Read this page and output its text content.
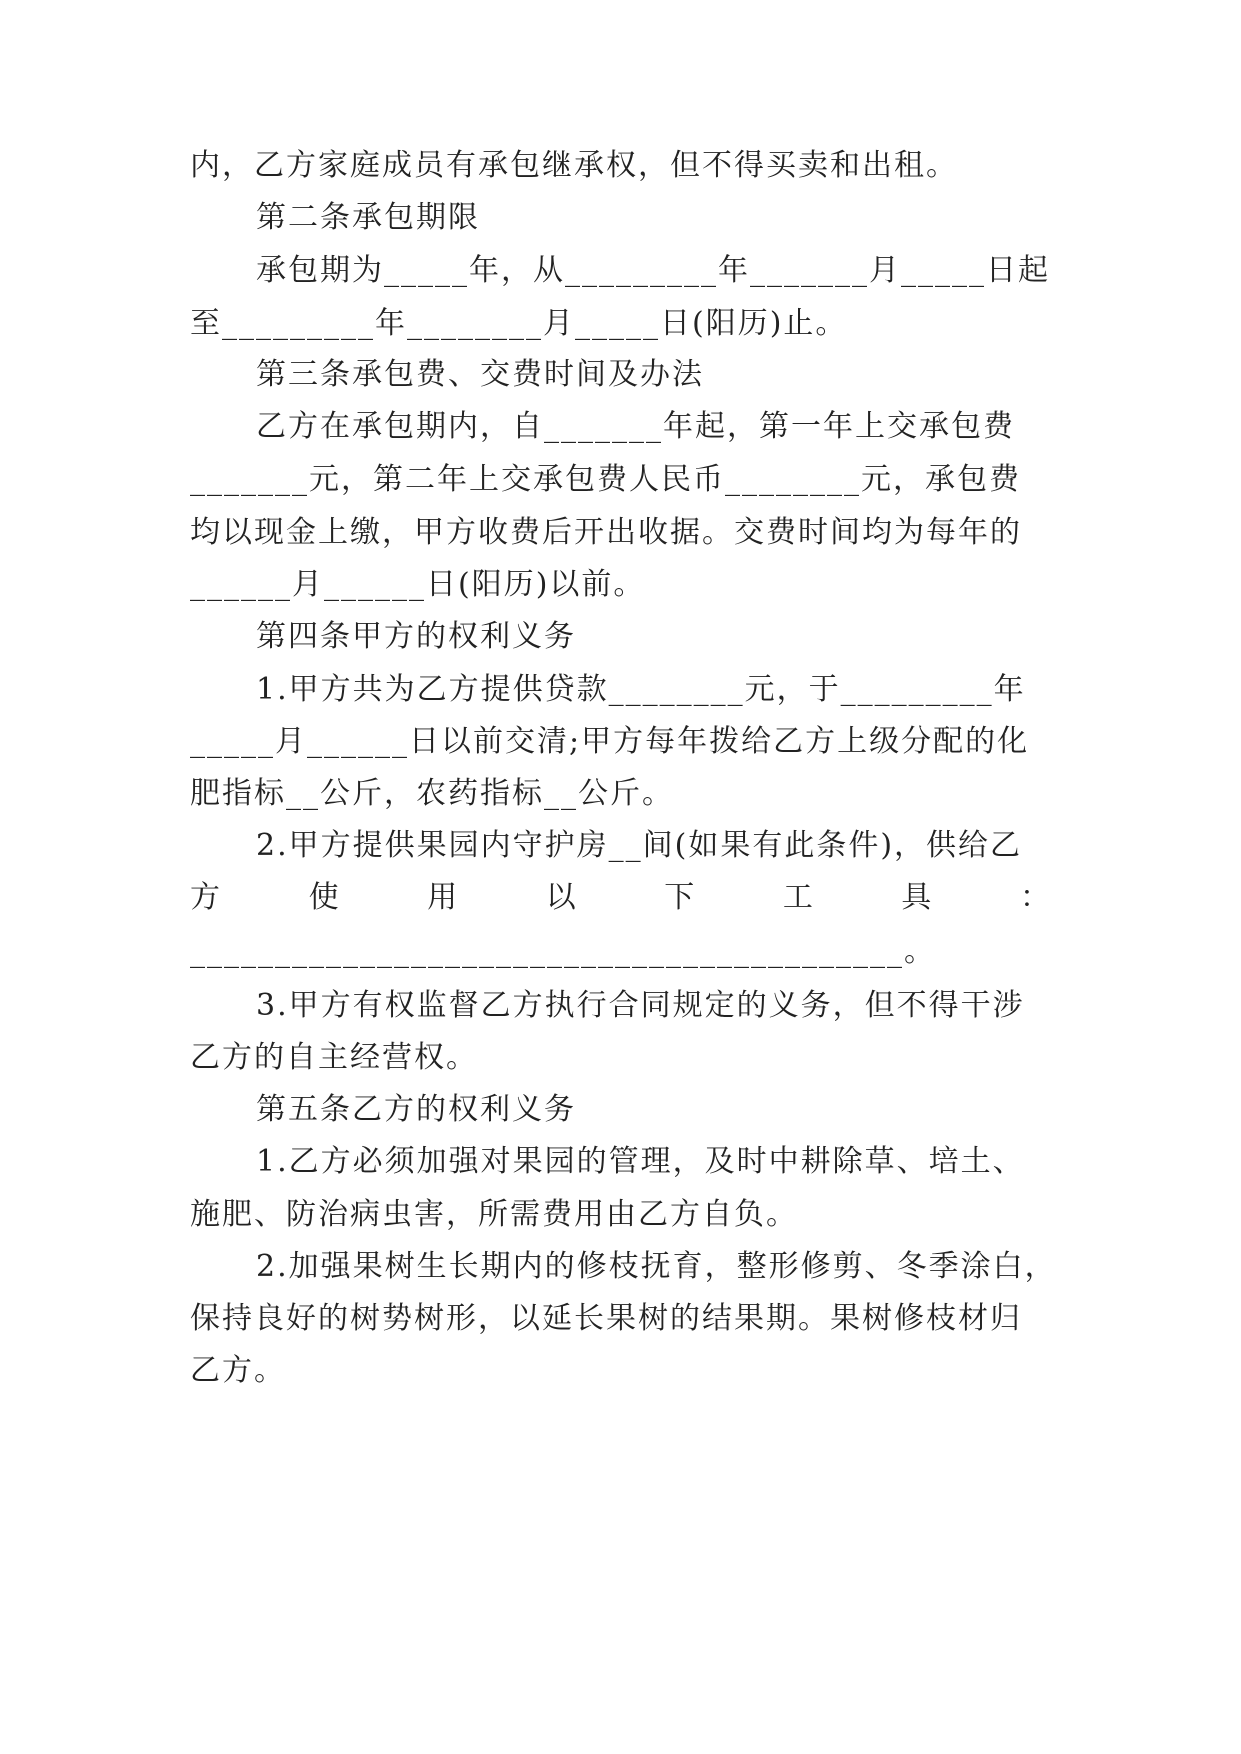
内，乙方家庭成员有承包继承权，但不得买卖和出租。
第二条承包期限
承包期为_____年，从_________年_______月_____日起
至_________年________月_____日(阳历)止。
第三条承包费、交费时间及办法
乙方在承包期内，自_______年起，第一年上交承包费
_______元，第二年上交承包费人民币________元，承包费
均以现金上缴，甲方收费后开出收据。交费时间均为每年的
______月______日(阳历)以前。
第四条甲方的权利义务
1.甲方共为乙方提供贷款________元，于_________年
_____月______日以前交清;甲方每年拨给乙方上级分配的化
肥指标__公斤，农药指标__公斤。
2.甲方提供果园内守护房__间(如果有此条件)，供给乙
方	使	用	以	下	工	具	：
__________________________________________。
3.甲方有权监督乙方执行合同规定的义务，但不得干涉
乙方的自主经营权。
第五条乙方的权利义务
1.乙方必须加强对果园的管理，及时中耕除草、培土、
施肥、防治病虫害，所需费用由乙方自负。
2.加强果树生长期内的修枝抚育，整形修剪、冬季涂白，
保持良好的树势树形，以延长果树的结果期。果树修枝材归
乙方。
